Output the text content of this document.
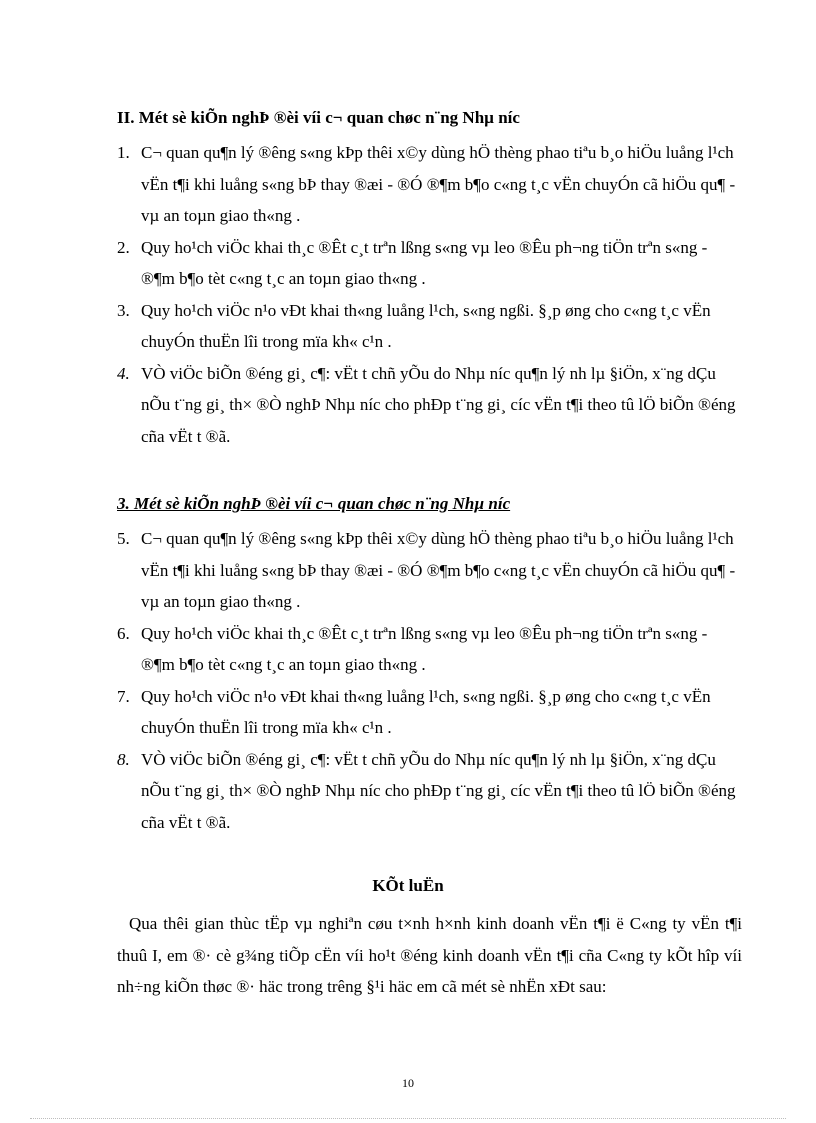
II. Mét sè kiÕn nghÞ ®èi víi c¬ quan chøc n¨ng Nhµ níc
1. C¬ quan qu¶n lý ®êng s«ng kÞp thêi x©y dùng hÖ thèng phao tiªu b¸o hiÖu luång l¹ch vËn t¶i khi luång s«ng bÞ thay ®æi - ®Ó ®¶m b¶o c«ng t¸c vËn chuyÓn cã hiÖu qu¶ - vµ an toµn giao th«ng .
2. Quy ho¹ch viÖc khai th¸c ®Êt c¸t trªn lßng s«ng vµ leo ®Êu ph¬ng tiÖn trªn s«ng - ®¶m b¶o tèt c«ng t¸c an toµn giao th«ng .
3. Quy ho¹ch viÖc n¹o vÐt khai th«ng luång l¹ch, s«ng ngßi. §¸p øng cho c«ng t¸c vËn chuyÓn thuËn lîi trong mïa kh« c¹n .
4. VÒ viÖc biÕn ®éng gi¸ c¶: vËt t chñ yÕu do Nhµ níc qu¶n lý nh lµ §iÖn, x¨ng dÇu nÕu t¨ng gi¸ th× ®Ò nghÞ Nhµ níc cho phÐp t¨ng gi¸ cíc vËn t¶i theo tû lÖ biÕn ®éng cña vËt t ®ã.
3. Mét sè kiÕn nghÞ ®èi víi c¬ quan chøc n¨ng Nhµ níc
5. C¬ quan qu¶n lý ®êng s«ng kÞp thêi x©y dùng hÖ thèng phao tiªu b¸o hiÖu luång l¹ch vËn t¶i khi luång s«ng bÞ thay ®æi - ®Ó ®¶m b¶o c«ng t¸c vËn chuyÓn cã hiÖu qu¶ - vµ an toµn giao th«ng .
6. Quy ho¹ch viÖc khai th¸c ®Êt c¸t trªn lßng s«ng vµ leo ®Êu ph¬ng tiÖn trªn s«ng - ®¶m b¶o tèt c«ng t¸c an toµn giao th«ng .
7. Quy ho¹ch viÖc n¹o vÐt khai th«ng luång l¹ch, s«ng ngßi. §¸p øng cho c«ng t¸c vËn chuyÓn thuËn lîi trong mïa kh« c¹n .
8. VÒ viÖc biÕn ®éng gi¸ c¶: vËt t chñ yÕu do Nhµ níc qu¶n lý nh lµ §iÖn, x¨ng dÇu nÕu t¨ng gi¸ th× ®Ò nghÞ Nhµ níc cho phÐp t¨ng gi¸ cíc vËn t¶i theo tû lÖ biÕn ®éng cña vËt t ®ã.
KÕt luËn

Qua thêi gian thùc tËp vµ nghiªn cøu t×nh h×nh kinh doanh vËn t¶i ë C«ng ty vËn t¶i thuû I, em ®· cè g¾ng tiÕp cËn víi ho¹t ®éng kinh doanh vËn t¶i cña C«ng ty kÕt hîp víi nh÷ng kiÕn thøc ®· häc trong trêng §¹i häc em cã mét sè nhËn xÐt sau:

10
